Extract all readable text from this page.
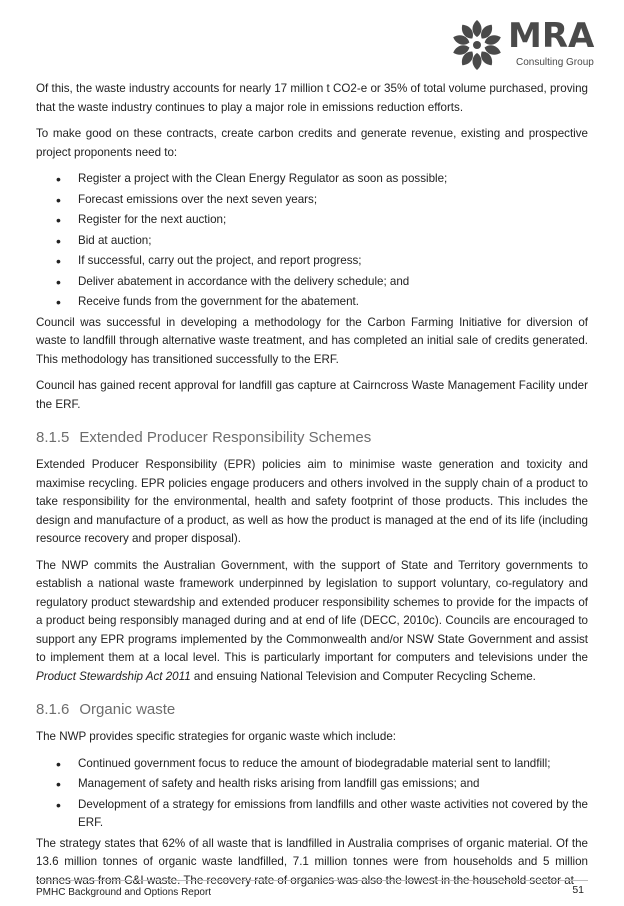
MRA
Consulting Group

Of this, the waste industry accounts for nearly 17 million t CO2-e or 35% of total volume purchased, proving that the waste industry continues to play a major role in emissions reduction efforts.

To make good on these contracts, create carbon credits and generate revenue, existing and prospective project proponents need to:

• Register a project with the Clean Energy Regulator as soon as possible;
• Forecast emissions over the next seven years;
• Register for the next auction;
• Bid at auction;
• If successful, carry out the project, and report progress;
• Deliver abatement in accordance with the delivery schedule; and
• Receive funds from the government for the abatement.

Council was successful in developing a methodology for the Carbon Farming Initiative for diversion of waste to landfill through alternative waste treatment, and has completed an initial sale of credits generated. This methodology has transitioned successfully to the ERF.

Council has gained recent approval for landfill gas capture at Cairncross Waste Management Facility under the ERF.

8.1.5 Extended Producer Responsibility Schemes

Extended Producer Responsibility (EPR) policies aim to minimise waste generation and toxicity and maximise recycling. EPR policies engage producers and others involved in the supply chain of a product to take responsibility for the environmental, health and safety footprint of those products. This includes the design and manufacture of a product, as well as how the product is managed at the end of its life (including resource recovery and proper disposal).

The NWP commits the Australian Government, with the support of State and Territory governments to establish a national waste framework underpinned by legislation to support voluntary, co-regulatory and regulatory product stewardship and extended producer responsibility schemes to provide for the impacts of a product being responsibly managed during and at end of life (DECC, 2010c). Councils are encouraged to support any EPR programs implemented by the Commonwealth and/or NSW State Government and assist to implement them at a local level. This is particularly important for computers and televisions under the Product Stewardship Act 2011 and ensuing National Television and Computer Recycling Scheme.

8.1.6 Organic waste

The NWP provides specific strategies for organic waste which include:

• Continued government focus to reduce the amount of biodegradable material sent to landfill;
• Management of safety and health risks arising from landfill gas emissions; and
• Development of a strategy for emissions from landfills and other waste activities not covered by the ERF.

The strategy states that 62% of all waste that is landfilled in Australia comprises of organic material. Of the 13.6 million tonnes of organic waste landfilled, 7.1 million tonnes were from households and 5 million tonnes was from C&I waste. The recovery rate of organics was also the lowest in the household sector at

PMHC Background and Options Report	51
